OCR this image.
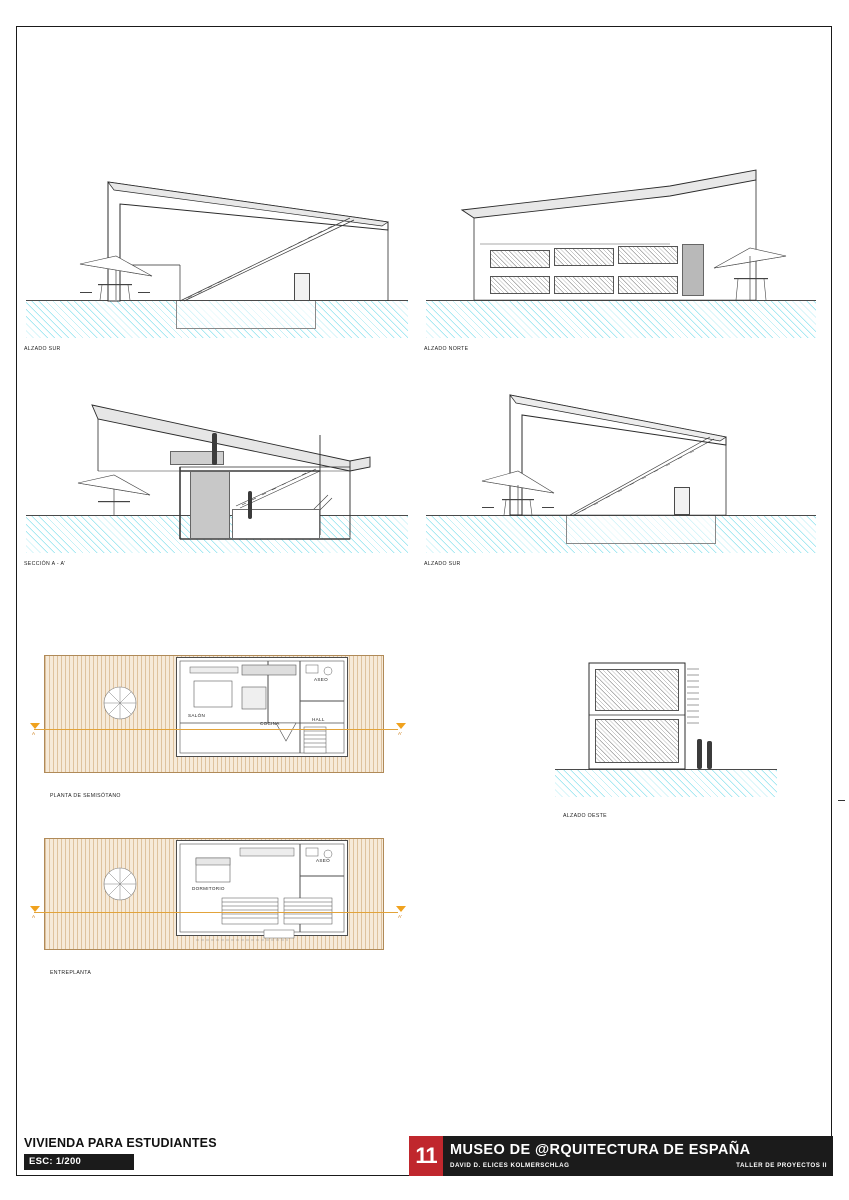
ALZADO SUR	ALZADO NORTE
SECCIÓN A - A'	ALZADO SUR
SALÓN
COCINA
ASEO
HALL
A	A'
PLANTA DE SEMISÓTANO
DORMITORIO
ASEO
A	A'
ENTREPLANTA
ALZADO OESTE
VIVIENDA PARA ESTUDIANTES
ESC: 1/200	11 MUSEO DE @RQUITECTURA DE ESPAÑA
DAVID D. ELICES KOLMERSCHLAG	TALLER DE PROYECTOS II
